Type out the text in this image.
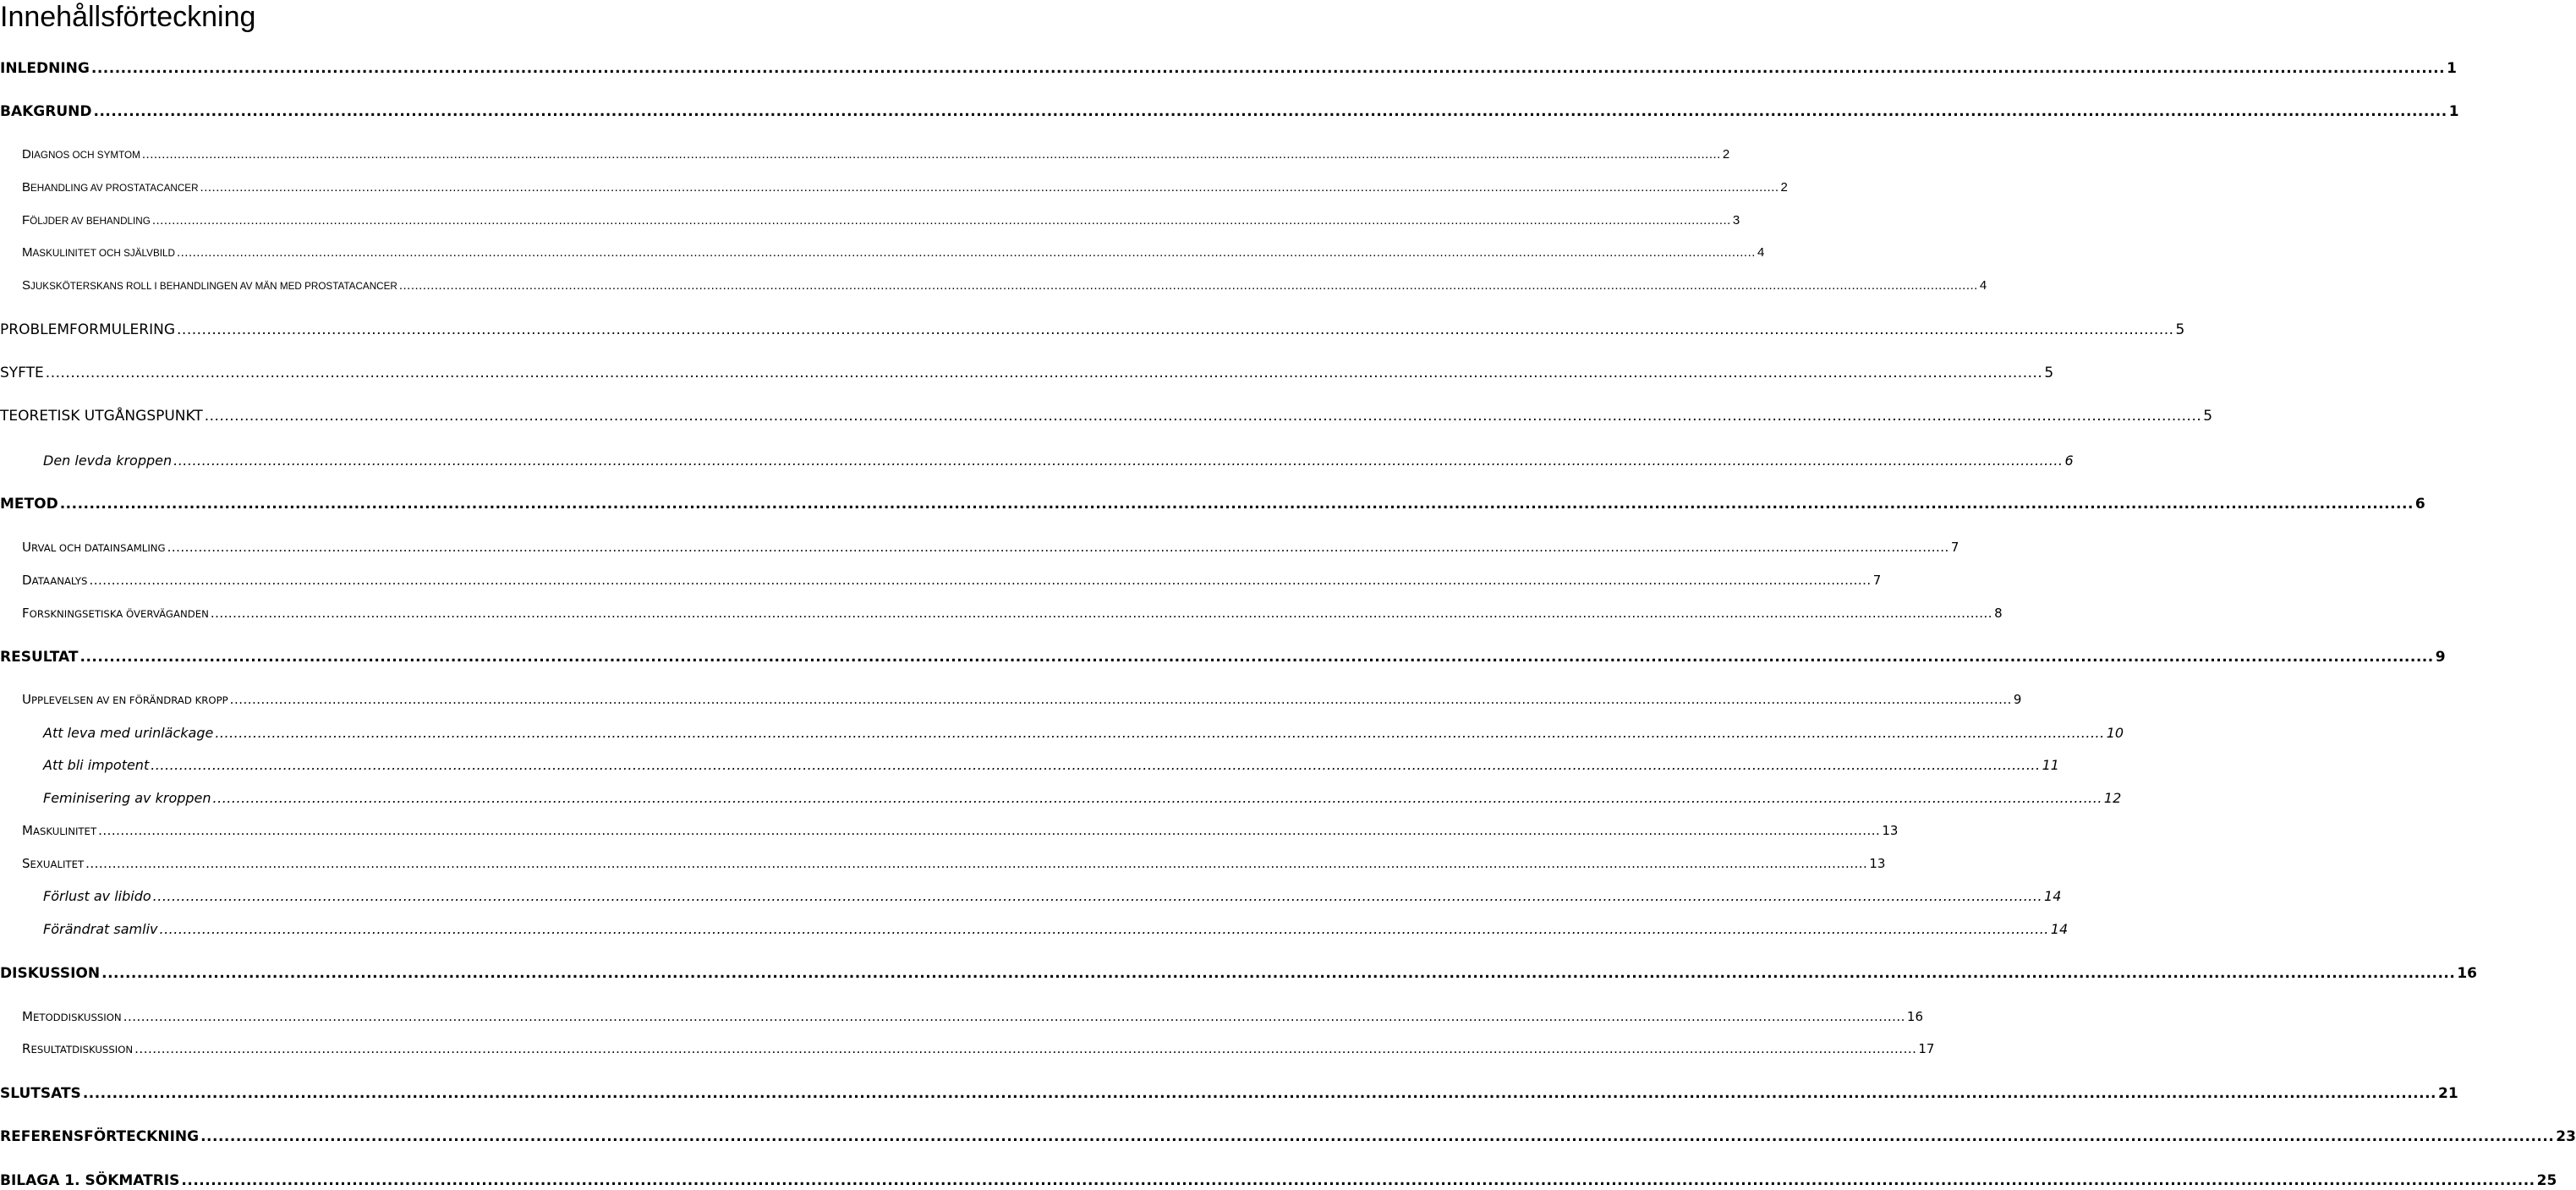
Innehållsförteckning
INLEDNING ................................................................................................................................................................................................................................................................................................................................................................................................................ 1
BAKGRUND ................................................................................................................................................................................................................................................................................................................................................................................................................ 1
DIAGNOS OCH SYMTOM ................................................................................................................................................................................................................................................................................................................................................................................................................ 2
BEHANDLING AV PROSTATACANCER ................................................................................................................................................................................................................................................................................................................................................................................................................ 2
FÖLJDER AV BEHANDLING ................................................................................................................................................................................................................................................................................................................................................................................................................ 3
MASKULINITET OCH SJÄLVBILD ................................................................................................................................................................................................................................................................................................................................................................................................................ 4
SJUKSKÖTERSKANS ROLL I BEHANDLINGEN AV MÄN MED PROSTATACANCER ................................................................................................................................................................................................................................................................................................................................................................................................................ 4
PROBLEMFORMULERING ................................................................................................................................................................................................................................................................................................................................................................................................................ 5
SYFTE ................................................................................................................................................................................................................................................................................................................................................................................................................ 5
TEORETISK UTGÅNGSPUNKT ................................................................................................................................................................................................................................................................................................................................................................................................................ 5
Den levda kroppen ................................................................................................................................................................................................................................................................................................................................................................................................................ 6
METOD ................................................................................................................................................................................................................................................................................................................................................................................................................ 6
URVAL OCH DATAINSAMLING ................................................................................................................................................................................................................................................................................................................................................................................................................ 7
DATAANALYS ................................................................................................................................................................................................................................................................................................................................................................................................................ 7
FORSKNINGSETISKA ÖVERVÄGANDEN ................................................................................................................................................................................................................................................................................................................................................................................................................ 8
RESULTAT ................................................................................................................................................................................................................................................................................................................................................................................................................ 9
UPPLEVELSEN AV EN FÖRÄNDRAD KROPP ................................................................................................................................................................................................................................................................................................................................................................................................................ 9
Att leva med urinläckage ................................................................................................................................................................................................................................................................................................................................................................................................................ 10
Att bli impotent ................................................................................................................................................................................................................................................................................................................................................................................................................ 11
Feminisering av kroppen ................................................................................................................................................................................................................................................................................................................................................................................................................ 12
MASKULINITET ................................................................................................................................................................................................................................................................................................................................................................................................................ 13
SEXUALITET ................................................................................................................................................................................................................................................................................................................................................................................................................ 13
Förlust av libido ................................................................................................................................................................................................................................................................................................................................................................................................................ 14
Förändrat samliv ................................................................................................................................................................................................................................................................................................................................................................................................................ 14
DISKUSSION ................................................................................................................................................................................................................................................................................................................................................................................................................ 16
METODDISKUSSION ................................................................................................................................................................................................................................................................................................................................................................................................................ 16
RESULTATDISKUSSION ................................................................................................................................................................................................................................................................................................................................................................................................................ 17
SLUTSATS ................................................................................................................................................................................................................................................................................................................................................................................................................ 21
REFERENSFÖRTECKNING ................................................................................................................................................................................................................................................................................................................................................................................................................ 23
BILAGA 1. SÖKMATRIS ................................................................................................................................................................................................................................................................................................................................................................................................................ 25
